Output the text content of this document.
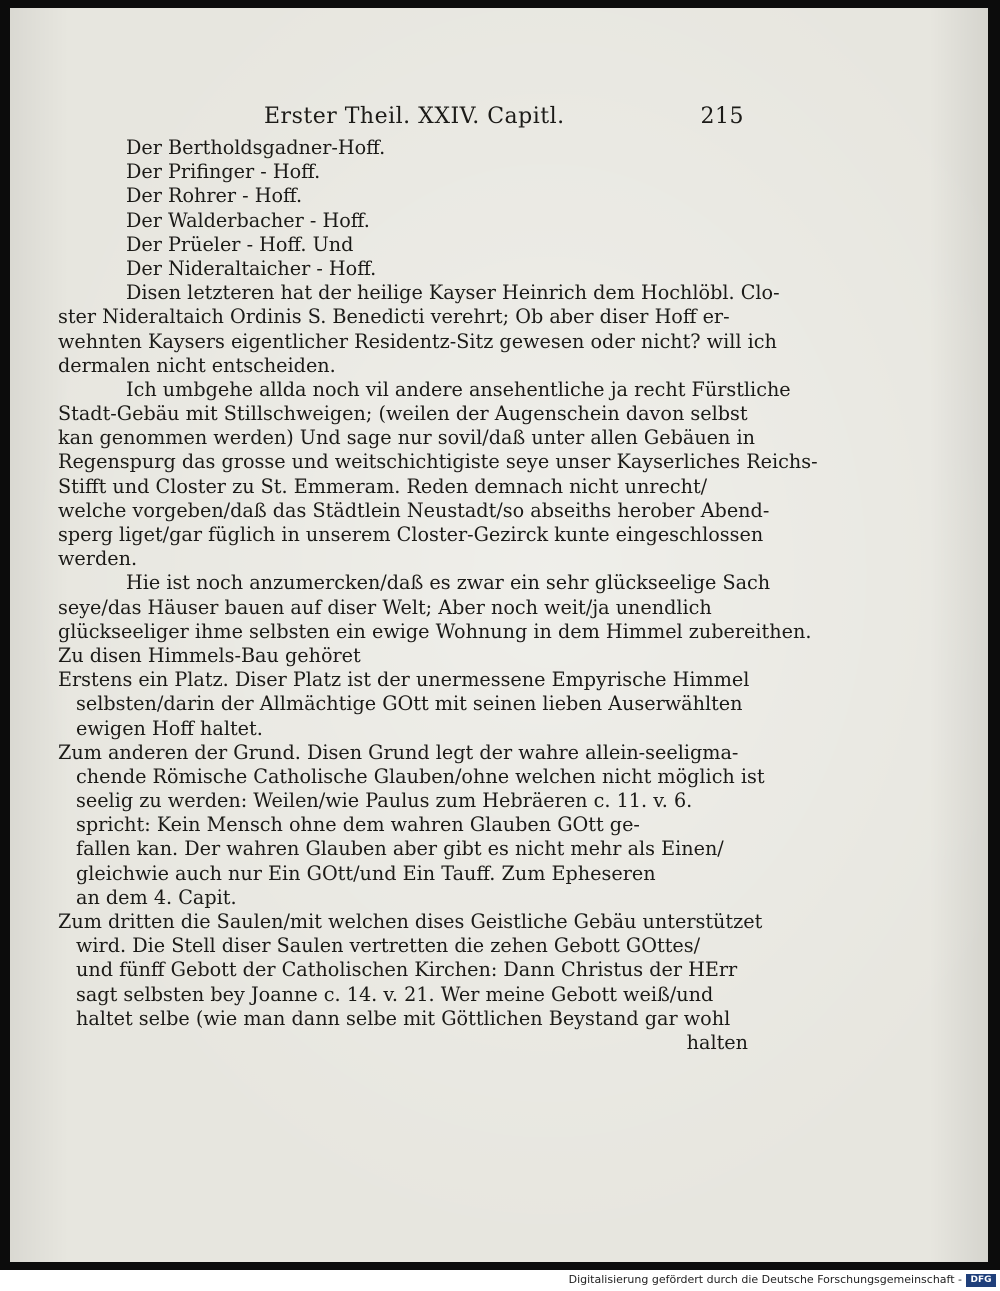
Erster Theil. XXIV. Capitl.	215
Der Bertholdsgadner-Hoff.
Der Prifinger - Hoff.
Der Rohrer - Hoff.
Der Walderbacher - Hoff.
Der Prüeler - Hoff. Und
Der Nideraltaicher - Hoff.
Disen letzteren hat der heilige Kayser Heinrich dem Hochlöbl. Clo-
ster Nideraltaich Ordinis S. Benedicti verehrt; Ob aber diser Hoff er-
wehnten Kaysers eigentlicher Residentz-Sitz gewesen oder nicht? will ich
dermalen nicht entscheiden.
Ich umbgehe allda noch vil andere ansehentliche ja recht Fürstliche
Stadt-Gebäu mit Stillschweigen; (weilen der Augenschein davon selbst
kan genommen werden) Und sage nur sovil/daß unter allen Gebäuen in
Regenspurg das grosse und weitschichtigiste seye unser Kayserliches Reichs-
Stifft und Closter zu St. Emmeram. Reden demnach nicht unrecht/
welche vorgeben/daß das Städtlein Neustadt/so abseiths herober Abend-
sperg liget/gar füglich in unserem Closter-Gezirck kunte eingeschlossen
werden.
Hie ist noch anzumercken/daß es zwar ein sehr glückseelige Sach
seye/das Häuser bauen auf diser Welt; Aber noch weit/ja unendlich
glückseeliger ihme selbsten ein ewige Wohnung in dem Himmel zubereithen.
Zu disen Himmels-Bau gehöret
Erstens ein Platz. Diser Platz ist der unermessene Empyrische Himmel
selbsten/darin der Allmächtige GOtt mit seinen lieben Auserwählten
ewigen Hoff haltet.
Zum anderen der Grund. Disen Grund legt der wahre allein-seeligma-
chende Römische Catholische Glauben/ohne welchen nicht möglich ist
seelig zu werden: Weilen/wie Paulus zum Hebräeren c. 11. v. 6.
spricht: Kein Mensch ohne dem wahren Glauben GOtt ge-
fallen kan. Der wahren Glauben aber gibt es nicht mehr als Einen/
gleichwie auch nur Ein GOtt/und Ein Tauff. Zum Epheseren
an dem 4. Capit.
Zum dritten die Saulen/mit welchen dises Geistliche Gebäu unterstützet
wird. Die Stell diser Saulen vertretten die zehen Gebott GOttes/
und fünff Gebott der Catholischen Kirchen: Dann Christus der HErr
sagt selbsten bey Joanne c. 14. v. 21. Wer meine Gebott weiß/und
haltet selbe (wie man dann selbe mit Göttlichen Beystand gar wohl
halten
Digitalisierung gefördert durch die Deutsche Forschungsgemeinschaft - DFG
